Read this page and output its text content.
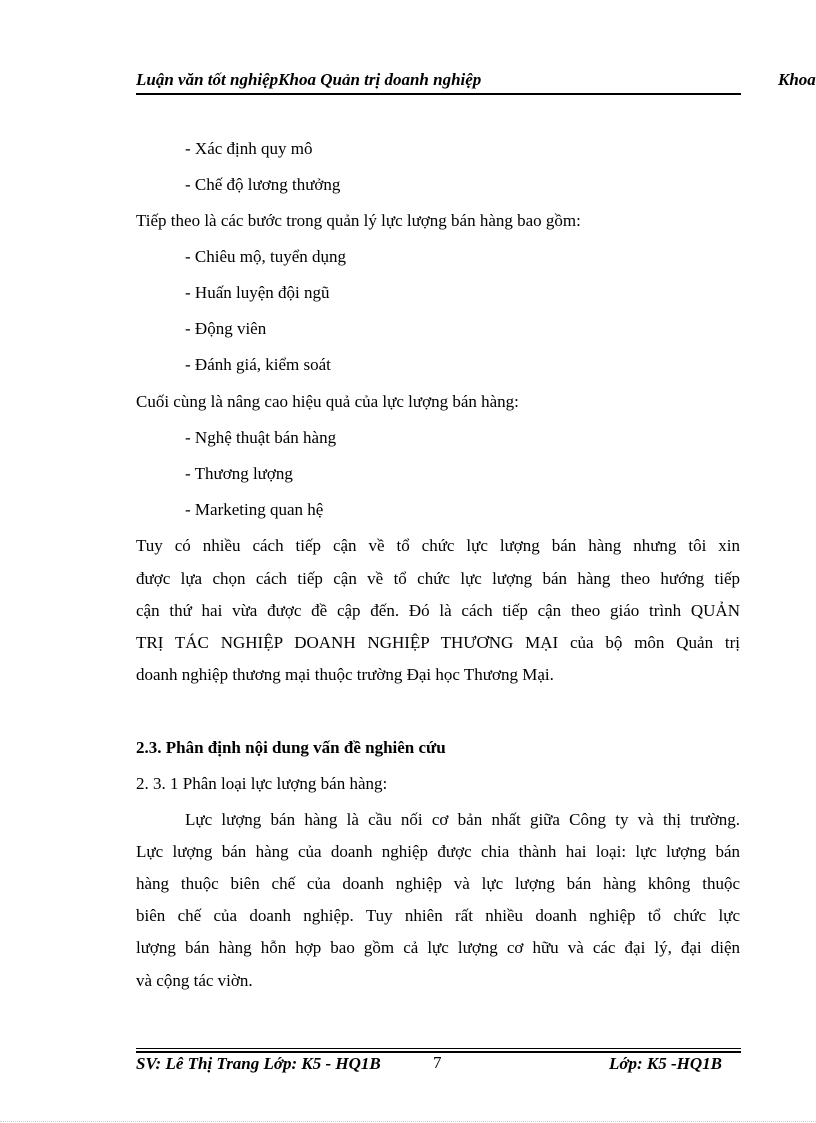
Luận văn tốt nghiệpKhoa Quản trị doanh nghiệp	Khoa
- Xác định quy mô
- Chế độ lương thưởng
Tiếp theo là các bước trong quản lý lực lượng bán hàng bao gồm:
- Chiêu mộ, tuyển dụng
- Huấn luyện đội ngũ
- Động viên
- Đánh giá, kiểm soát
Cuối cùng là nâng cao hiệu quả của lực lượng bán hàng:
- Nghệ thuật bán hàng
- Thương lượng
- Marketing quan hệ
Tuy có nhiều cách tiếp cận về tổ chức lực lượng bán hàng nhưng tôi xin
được lựa chọn cách tiếp cận về tổ chức lực lượng bán hàng theo hướng tiếp
cận thứ hai vừa được đề cập đến. Đó là cách tiếp cận theo giáo trình QUẢN
TRỊ TÁC NGHIỆP DOANH NGHIỆP THƯƠNG MẠI của bộ môn Quản trị
doanh nghiệp thương mại thuộc trường Đại học Thương Mại.
2.3. Phân định nội dung vấn đề nghiên cứu
2. 3. 1 Phân loại lực lượng bán hàng:
Lực lượng bán hàng là cầu nối cơ bản nhất giữa Công ty và thị trường.
Lực lượng bán hàng của doanh nghiệp được chia thành hai loại: lực lượng bán
hàng thuộc biên chế của doanh nghiệp và lực lượng bán hàng không thuộc
biên chế của doanh nghiệp. Tuy nhiên rất nhiều doanh nghiệp tổ chức lực
lượng bán hàng hỗn hợp bao gồm cả lực lượng cơ hữu và các đại lý, đại diện
và cộng tác viờn.
SV: Lê Thị Trang Lớp: K5 - HQ1B	7	Lớp: K5 -HQ1B
